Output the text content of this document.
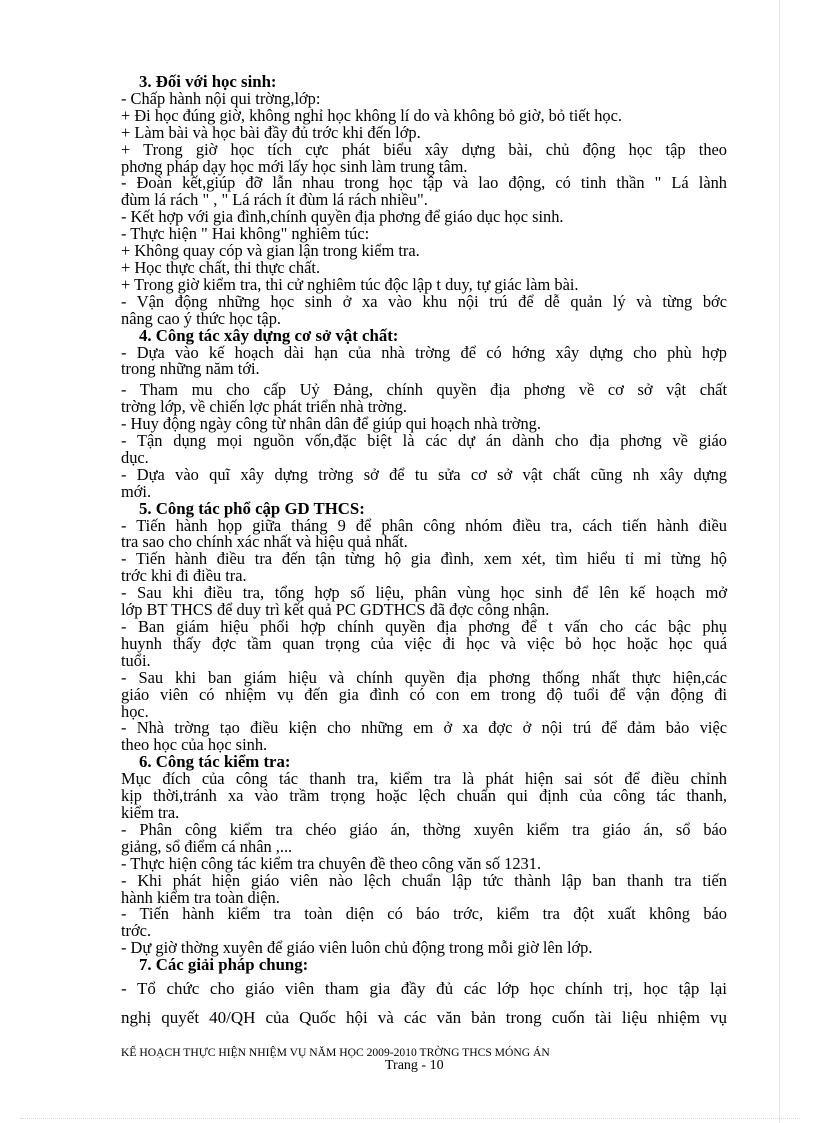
3. Đối với học sinh:
- Chấp hành nội qui trờng,lớp:
+ Đi học đúng giờ, không nghỉ học không lí do và không bỏ giờ, bỏ tiết học.
+ Làm bài và học bài đầy đủ trớc khi đến lớp.
+ Trong giờ học tích cực phát biểu xây dựng bài, chủ động học tập theo
phơng pháp dạy học mới lấy học sinh làm trung tâm.
- Đoàn kết,giúp đỡ lẫn nhau trong học tập và lao động, có tinh thần " Lá lành
đùm lá rách " , " Lá rách ít đùm lá rách nhiều".
- Kết hợp với gia đình,chính quyền địa phơng để giáo dục học sinh.
- Thực hiện " Hai không" nghiêm túc:
+ Không quay cóp và gian lận trong kiểm tra.
+ Học thực chất, thi thực chất.
+ Trong giờ kiểm tra, thi cử nghiêm túc độc lập t duy, tự giác làm bài.
- Vận động những học sinh ở xa vào khu nội trú để dễ quản lý và từng bớc
nâng cao ý thức học tập.
4. Công tác xây dựng cơ sở vật chất:
- Dựa vào kế hoạch dài hạn của nhà trờng để có hớng xây dựng cho phù hợp
trong những năm tới.
- Tham mu cho cấp Uỷ Đảng, chính quyền địa phơng về cơ sở vật chất
trờng lớp, về chiến lợc phát triển nhà trờng.
- Huy động ngày công từ nhân dân để giúp qui hoạch nhà trờng.
- Tận dụng mọi nguồn vốn,đặc biệt là các dự án dành cho địa phơng về giáo
dục.
- Dựa vào quĩ xây dựng trờng sở để tu sửa cơ sở vật chất cũng nh xây dựng
mới.
5. Công tác phổ cập GD THCS:
- Tiến hành họp giữa tháng 9 để phân công nhóm điều tra, cách tiến hành điều
tra sao cho chính xác nhất và hiệu quả nhất.
- Tiến hành điều tra đến tận từng hộ gia đình, xem xét, tìm hiểu tỉ mỉ từng hộ
trớc khi đi điều tra.
- Sau khi điều tra, tổng hợp số liệu, phân vùng học sinh để lên kế hoạch mở
lớp BT THCS để duy trì kết quả PC GDTHCS đã đợc công nhận.
- Ban giám hiệu phối hợp chính quyền địa phơng để t vấn cho các bậc phụ
huynh thấy đợc tầm quan trọng của việc đi học và việc bỏ học hoặc học quá
tuổi.
- Sau khi ban giám hiệu và chính quyền địa phơng thống nhất thực hiện,các
giáo viên có nhiệm vụ đến gia đình có con em trong độ tuổi để vận động đi
học.
- Nhà trờng tạo điều kiện cho những em ở xa đợc ở nội trú để đảm bảo việc
theo học của học sinh.
6. Công tác kiểm tra:
Mục đích của công tác thanh tra, kiểm tra là phát hiện sai sót để điều chỉnh
kịp thời,tránh xa vào trầm trọng hoặc lệch chuẩn qui định của công tác thanh,
kiểm tra.
- Phân công kiểm tra chéo giáo án, thờng xuyên kiểm tra giáo án, sổ báo
giảng, sổ điểm cá nhân ,...
- Thực hiện công tác kiểm tra chuyên đề theo công văn số 1231.
- Khi phát hiện giáo viên nào lệch chuẩn lập tức thành lập ban thanh tra tiến
hành kiểm tra toàn diện.
- Tiến hành kiểm tra toàn diện có báo trớc, kiểm tra đột xuất không báo
trớc.
- Dự giờ thờng xuyên để giáo viên luôn chủ động trong mỗi giờ lên lớp.
7. Các giải pháp chung:
- Tổ chức cho giáo viên tham gia đầy đủ các lớp học chính trị, học tập lại
nghị quyết 40/QH của Quốc hội và các văn bản trong cuốn tài liệu nhiệm vụ
KẾ HOẠCH THỰC HIỆN NHIỆM VỤ NĂM HỌC 2009-2010 TRỜNG THCS MÓNG ÁN
Trang - 10
